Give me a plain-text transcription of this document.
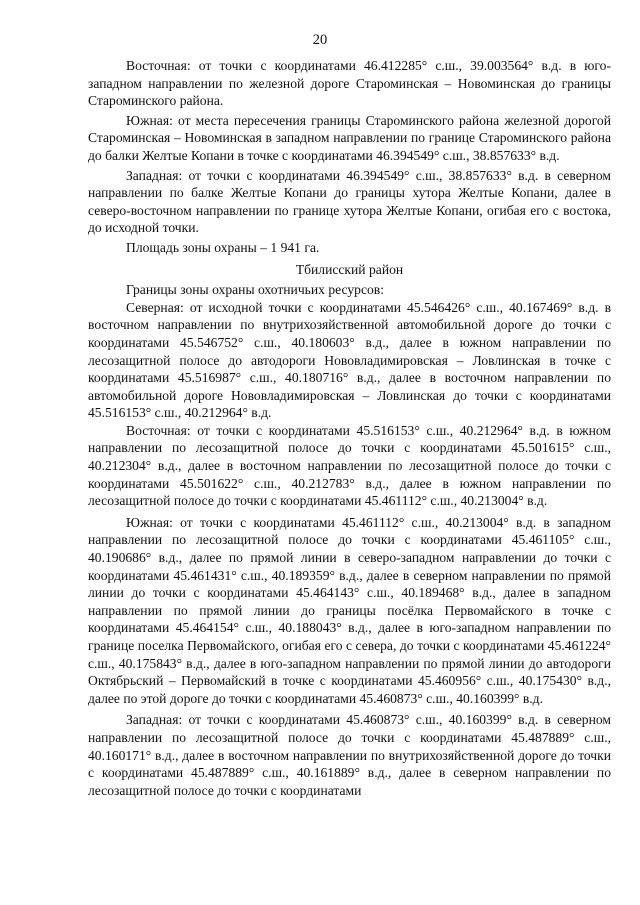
20

Восточная: от точки с координатами 46.412285° с.ш., 39.003564° в.д. в юго-западном направлении по железной дороге Староминская – Новоминская до границы Староминского района.

Южная: от места пересечения границы Староминского района железной дорогой Староминская – Новоминская в западном направлении по границе Староминского района до балки Желтые Копани в точке с координатами 46.394549° с.ш., 38.857633° в.д.

Западная: от точки с координатами 46.394549° с.ш., 38.857633° в.д. в северном направлении по балке Желтые Копани до границы хутора Желтые Копани, далее в северо-восточном направлении по границе хутора Желтые Копани, огибая его с востока, до исходной точки.

Площадь зоны охраны – 1 941 га.

Тбилисский район

Границы зоны охраны охотничьих ресурсов:

Северная: от исходной точки с координатами 45.546426° с.ш., 40.167469° в.д. в восточном направлении по внутрихозяйственной автомобильной дороге до точки с координатами 45.546752° с.ш., 40.180603° в.д., далее в южном направлении по лесозащитной полосе до автодороги Нововладимировская – Ловлинская в точке с координатами 45.516987° с.ш., 40.180716° в.д., далее в восточном направлении по автомобильной дороге Нововладимировская – Ловлинская до точки с координатами 45.516153° с.ш., 40.212964° в.д.

Восточная: от точки с координатами 45.516153° с.ш., 40.212964° в.д. в южном направлении по лесозащитной полосе до точки с координатами 45.501615° с.ш., 40.212304° в.д., далее в восточном направлении по лесозащитной полосе до точки с координатами 45.501622° с.ш., 40.212783° в.д., далее в южном направлении по лесозащитной полосе до точки с координатами 45.461112° с.ш., 40.213004° в.д.

Южная: от точки с координатами 45.461112° с.ш., 40.213004° в.д. в западном направлении по лесозащитной полосе до точки с координатами 45.461105° с.ш., 40.190686° в.д., далее по прямой линии в северо-западном направлении до точки с координатами 45.461431° с.ш., 40.189359° в.д., далее в северном направлении по прямой линии до точки с координатами 45.464143° с.ш., 40.189468° в.д., далее в западном направлении по прямой линии до границы посёлка Первомайского в точке с координатами 45.464154° с.ш., 40.188043° в.д., далее в юго-западном направлении по границе поселка Первомайского, огибая его с севера, до точки с координатами 45.461224° с.ш., 40.175843° в.д., далее в юго-западном направлении по прямой линии до автодороги Октябрьский – Первомайский в точке с координатами 45.460956° с.ш., 40.175430° в.д., далее по этой дороге до точки с координатами 45.460873° с.ш., 40.160399° в.д.

Западная: от точки с координатами 45.460873° с.ш., 40.160399° в.д. в северном направлении по лесозащитной полосе до точки с координатами 45.487889° с.ш., 40.160171° в.д., далее в восточном направлении по внутрихозяйственной дороге до точки с координатами 45.487889° с.ш., 40.161889° в.д., далее в северном направлении по лесозащитной полосе до точки с координатами
